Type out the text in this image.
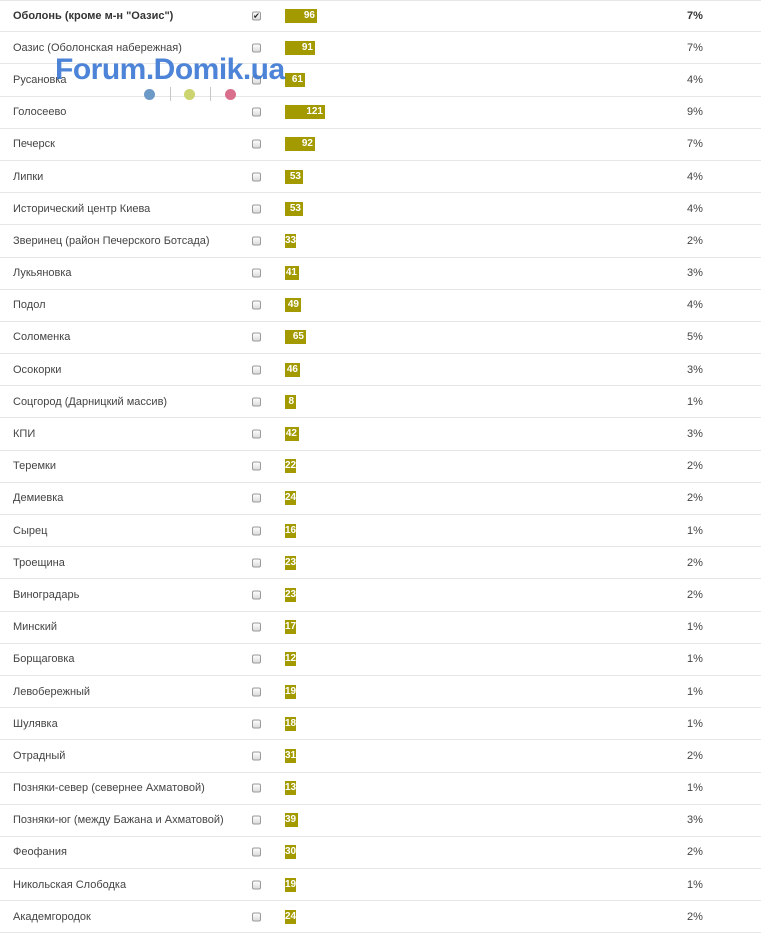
Оболонь (кроме м-н "Оазис")	✔	96	7%
Оазис (Оболонская набережная)	91	7%
Русановка	61	4%
Голосеево	121	9%
Печерск	92	7%
Липки	53	4%
Исторический центр Киева	53	4%
Зверинец (район Печерского Ботсада)	33	2%
Лукьяновка	41	3%
Подол	49	4%
Соломенка	65	5%
Осокорки	46	3%
Соцгород (Дарницкий массив)	8	1%
КПИ	42	3%
Теремки	22	2%
Демиевка	24	2%
Сырец	16	1%
Троещина	23	2%
Виноградарь	23	2%
Минский	17	1%
Борщаговка	12	1%
Левобережный	19	1%
Шулявка	18	1%
Отрадный	31	2%
Позняки-север (севернее Ахматовой)	13	1%
Позняки-юг (между Бажана и Ахматовой)	39	3%
Феофания	30	2%
Никольская Слободка	19	1%
Академгородок	24	2%
Forum.Domik.ua
